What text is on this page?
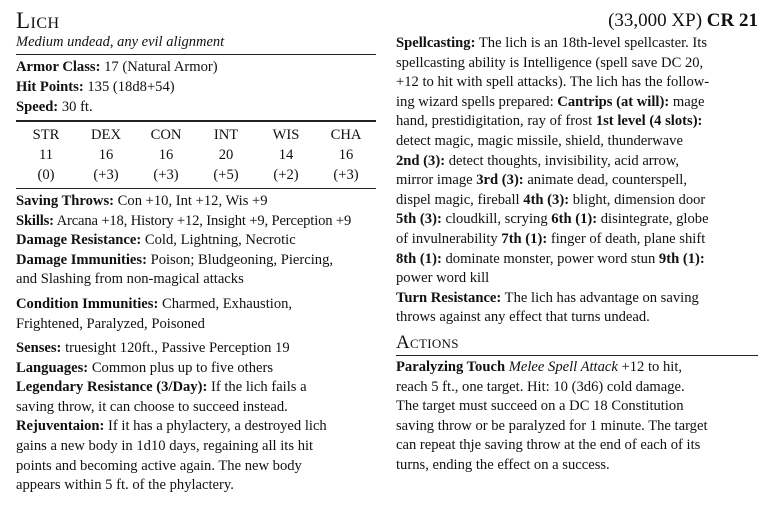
Lich	(33,000 XP) CR 21
Medium undead, any evil alignment
Armor Class: 17 (Natural Armor)
Hit Points: 135 (18d8+54)
Speed: 30 ft.
STR	DEX	CON	INT	WIS	CHA
11	16	16	20	14	16
(0)	(+3)	(+3)	(+5)	(+2)	(+3)
Saving Throws: Con +10, Int +12, Wis +9
Skills: Arcana +18, History +12, Insight +9, Perception +9
Damage Resistance: Cold, Lightning, Necrotic
Damage Immunities: Poison; Bludgeoning, Piercing,
and Slashing from non-magical attacks
Condition Immunities: Charmed, Exhaustion,
Frightened, Paralyzed, Poisoned
Senses: truesight 120ft., Passive Perception 19
Languages: Common plus up to five others
Legendary Resistance (3/Day): If the lich fails a
saving throw, it can choose to succeed instead.
Rejuventaion: If it has a phylactery, a destroyed lich
gains a new body in 1d10 days, regaining all its hit
points and becoming active again. The new body
appears within 5 ft. of the phylactery.
Spellcasting: The lich is an 18th-level spellcaster. Its
spellcasting ability is Intelligence (spell save DC 20,
+12 to hit with spell attacks). The lich has the follow-
ing wizard spells prepared: Cantrips (at will): mage
hand, prestidigitation, ray of frost 1st level (4 slots):
detect magic, magic missile, shield, thunderwave
2nd (3): detect thoughts, invisibility, acid arrow,
mirror image 3rd (3): animate dead, counterspell,
dispel magic, fireball 4th (3): blight, dimension door
5th (3): cloudkill, scrying 6th (1): disintegrate, globe
of invulnerability 7th (1): finger of death, plane shift
8th (1): dominate monster, power word stun 9th (1):
power word kill
Turn Resistance: The lich has advantage on saving
throws against any effect that turns undead.
Actions
Paralyzing Touch Melee Spell Attack +12 to hit,
reach 5 ft., one target. Hit: 10 (3d6) cold damage.
The target must succeed on a DC 18 Constitution
saving throw or be paralyzed for 1 minute. The target
can repeat thje saving throw at the end of each of its
turns, ending the effect on a success.
